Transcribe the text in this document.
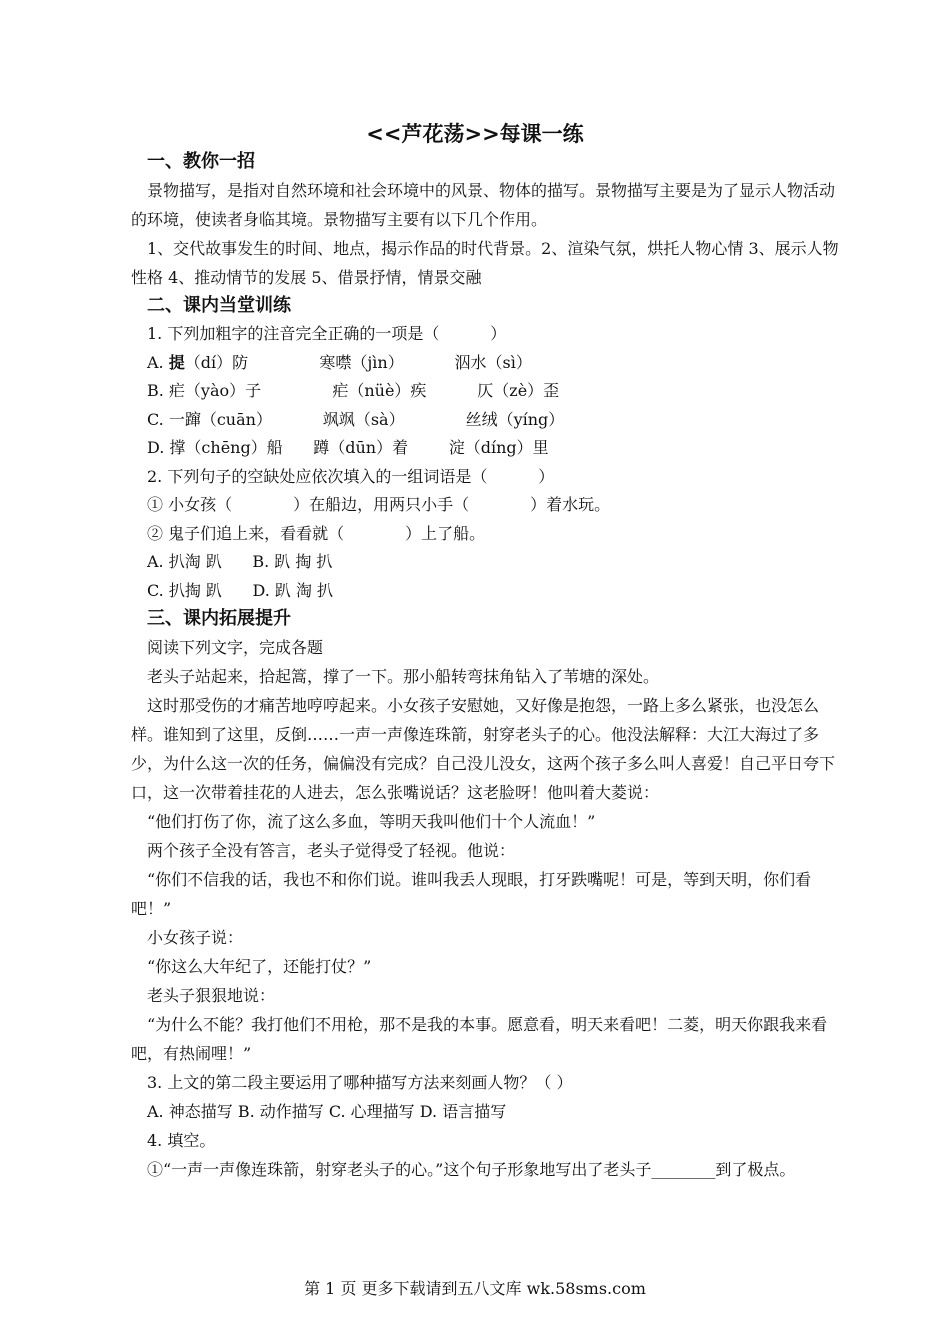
<<芦花荡>>每课一练
一、教你一招
景物描写，是指对自然环境和社会环境中的风景、物体的描写。景物描写主要是为了显示人物活动的环境，使读者身临其境。景物描写主要有以下几个作用。
1、交代故事发生的时间、地点，揭示作品的时代背景。2、渲染气氛，烘托人物心情 3、展示人物性格 4、推动情节的发展 5、借景抒情，情景交融
二、课内当堂训练
1. 下列加粗字的注音完全正确的一项是（          ）
A. 提（dí）防              寒噤（jìn）          泅水（sì）
B. 疟（yào）子              疟（nüè）疾          仄（zè）歪
C. 一蹿（cuān）          飒飒（sà）            丝绒（yíng）
D. 撑（chēng）船      蹲（dūn）着        淀（díng）里
2. 下列句子的空缺处应依次填入的一组词语是（          ）
① 小女孩（            ）在船边，用两只小手（            ）着水玩。
② 鬼子们追上来，看看就（            ）上了船。
A. 扒淘 趴      B. 趴 掏 扒
C. 扒掏 趴      D. 趴 淘 扒
三、课内拓展提升
阅读下列文字，完成各题
老头子站起来，拾起篙，撑了一下。那小船转弯抹角钻入了苇塘的深处。
这时那受伤的才痛苦地哼哼起来。小女孩子安慰她，又好像是抱怨，一路上多么紧张，也没怎么样。谁知到了这里，反倒……一声一声像连珠箭，射穿老头子的心。他没法解释：大江大海过了多少，为什么这一次的任务，偏偏没有完成？自己没儿没女，这两个孩子多么叫人喜爱！自己平日夸下口，这一次带着挂花的人进去，怎么张嘴说话？这老脸呀！他叫着大菱说：
“他们打伤了你，流了这么多血，等明天我叫他们十个人流血！”
两个孩子全没有答言，老头子觉得受了轻视。他说：
“你们不信我的话，我也不和你们说。谁叫我丢人现眼，打牙跌嘴呢！可是，等到天明，你们看吧！”
小女孩子说：
“你这么大年纪了，还能打仗？”
老头子狠狠地说：
“为什么不能？我打他们不用枪，那不是我的本事。愿意看，明天来看吧！二菱，明天你跟我来看吧，有热闹哩！”
3. 上文的第二段主要运用了哪种描写方法来刻画人物？（ ）
A. 神态描写 B. 动作描写 C. 心理描写 D. 语言描写
4. 填空。
①“一声一声像连珠箭，射穿老头子的心。”这个句子形象地写出了老头子________到了极点。
第 1 页 更多下载请到五八文库 wk.58sms.com
